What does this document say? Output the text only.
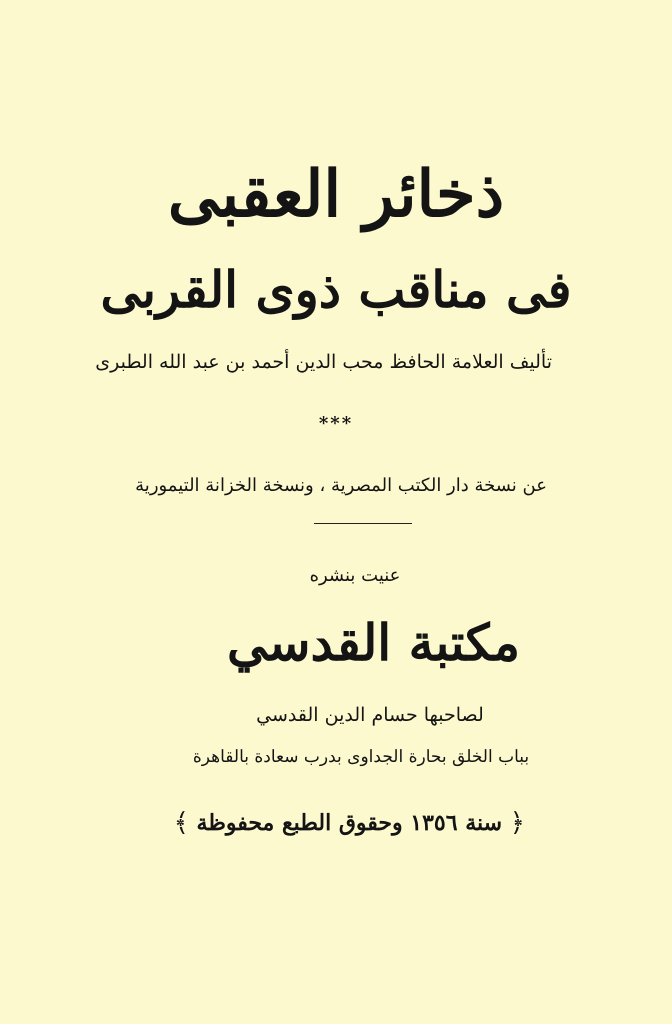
ذخائر العقبى
فى مناقب ذوى القربى
تأليف العلامة الحافظ محب الدين أحمد بن عبد الله الطبرى
***
عن نسخة دار الكتب المصرية ، ونسخة الخزانة التيمورية
عنيت بنشره
مكتبة القدسي
لصاحبها حسام الدين القدسي
بباب الخلق بحارة الجداوى بدرب سعادة بالقاهرة
﴿ سنة ١٣٥٦ وحقوق الطبع محفوظة ﴾
